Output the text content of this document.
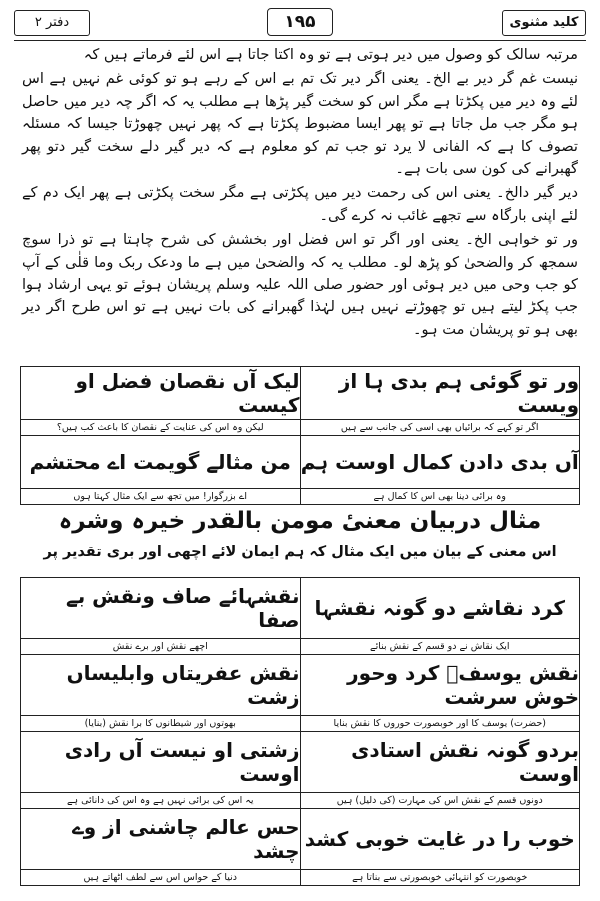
کلید مثنوی
۱۹۵
دفتر ۲

مرتبہ سالک کو وصول میں دیر ہوتی ہے تو وہ اکتا جاتا ہے اس لئے فرماتے ہیں کہ

نیست غم گر دیر بے الخ۔ یعنی اگر دیر تک تم بے اس کے رہے ہو تو کوئی غم نہیں ہے اس لئے وہ دیر میں پکڑتا ہے مگر اس کو سخت گیر پڑھا ہے مطلب یہ کہ اگر چہ دیر میں حاصل ہو مگر جب مل جاتا ہے تو پھر ایسا مضبوط پکڑتا ہے کہ پھر نہیں چھوڑتا جیسا کہ مسئلہ تصوف کا ہے کہ الفانی لا یرد تو جب تم کو معلوم ہے کہ دیر گیر دلے سخت گیر دتو پھر گھبرانے کی کون سی بات ہے۔

دیر گیر دالخ۔ یعنی اس کی رحمت دیر میں پکڑتی ہے مگر سخت پکڑتی ہے پھر ایک دم کے لئے اپنی بارگاہ سے تجھے غائب نہ کرے گی۔

ور تو خواہی الخ۔ یعنی اور اگر تو اس فضل اور بخشش کی شرح چاہتا ہے تو ذرا سوچ سمجھ کر والضحیٰ کو پڑھ لو۔ مطلب یہ کہ والضحیٰ میں ہے ما ودعک ربک وما قلٰی کے آپ کو جب وحی میں دیر ہوئی اور حضور صلی اللہ علیہ وسلم پریشان ہوئے تو یہی ارشاد ہوا جب پکڑ لیتے ہیں تو چھوڑتے نہیں ہیں لہٰذا گھبرانے کی بات نہیں ہے تو اس طرح اگر دیر بھی ہو تو پریشان مت ہو۔

ور تو گوئی ہم بدی ہا از ویست
اگر تو کہے کہ برائیاں بھی اسی کی جانب سے ہیں
لیک آں نقصان فضل او کیست
لیکن وہ اس کی عنایت کے نقصان کا باعث کب ہیں؟
آں بدی دادن کمال اوست ہم
وہ برائی دینا بھی اس کا کمال ہے
من مثالے گویمت اے محتشم
اے بزرگوار! میں تجھ سے ایک مثال کہتا ہوں
مثال دربیان معنیٔ مومن بالقدر خیرہ وشرہ
اس معنی کے بیان میں ایک مثال کہ ہم ایمان لائے اچھی اور بری تقدیر پر
کرد نقاشے دو گونہ نقشہا
ایک نقاش نے دو قسم کے نقش بنائے
نقشہائے صاف ونقش بے صفا
اچھے نقش اور برے نقش
نقش یوسفؑ کرد وحور خوش سرشت
(حضرت) یوسف کا اور خوبصورت حوروں کا نقش بنایا
نقش عفریتاں وابلیساں زشت
بھوتوں اور شیطانوں کا برا نقش (بنایا)
بردو گونہ نقش استادی اوست
دونوں قسم کے نقش اس کی مہارت (کی دلیل) ہیں
زشتی او نیست آں رادی اوست
یہ اس کی برائی نہیں ہے وہ اس کی دانائی ہے
خوب را در غایت خوبی کشد
خوبصورت کو انتہائی خوبصورتی سے بناتا ہے
حس عالم چاشنی از وے چشد
دنیا کے حواس اس سے لطف اٹھاتے ہیں
